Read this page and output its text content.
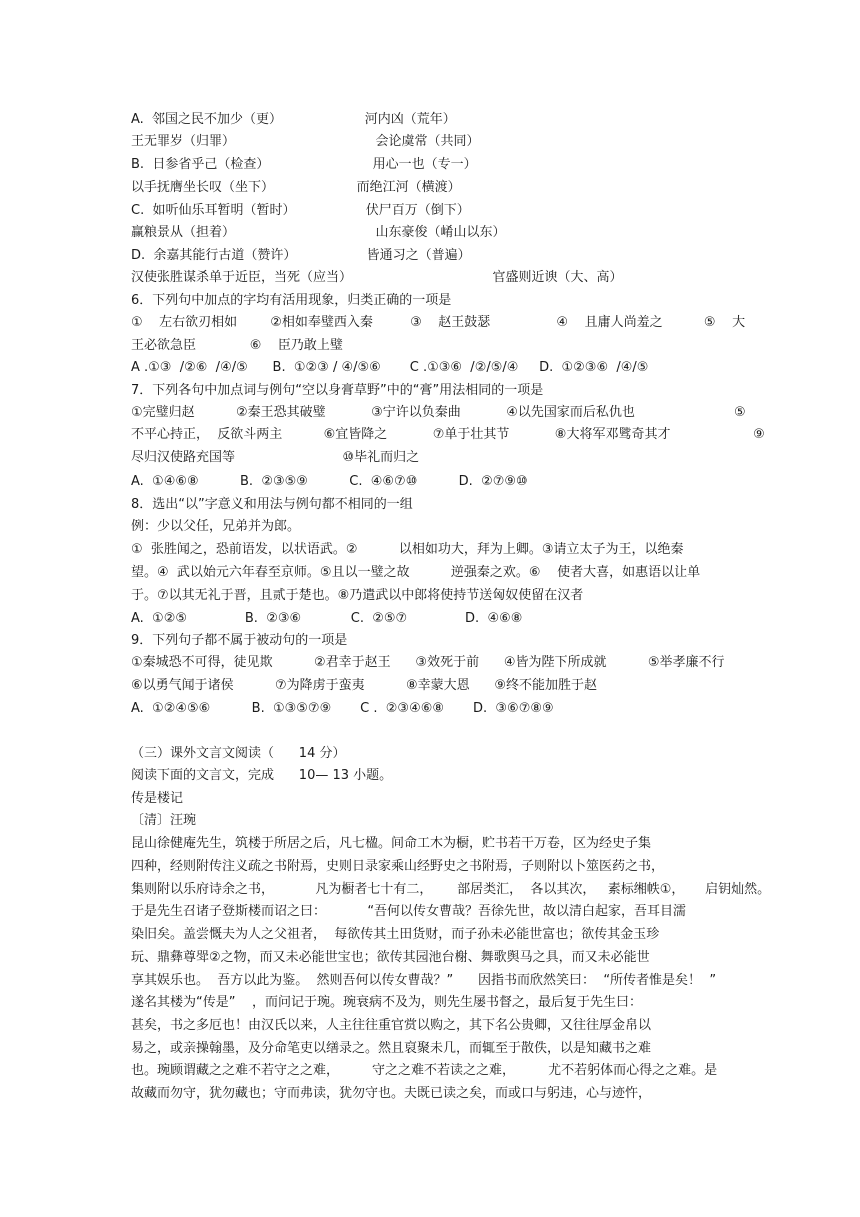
A.  邻国之民不加少（更）                    河内凶（荒年）
王无罪岁（归罪）                                  会论虞常（共同）
B.  日参省乎己（检查）                         用心一也（专一）
以手抚膺坐长叹（坐下）                    而绝江河（横渡）
C.  如听仙乐耳暂明（暂时）                 伏尸百万（倒下）
赢粮景从（担着）                                  山东豪俊（崤山以东）
D.  余嘉其能行古道（赞许）                 皆通习之（普遍）
汉使张胜谋杀单于近臣，当死（应当）                                  官盛则近谀（大、高）
6．下列句中加点的字均有活用现象，归类正确的一项是
①    左右欲刃相如        ②相如奉璧西入秦         ③    赵王鼓瑟                ④    且庸人尚羞之          ⑤    大
王必欲急臣             ⑥    臣乃敢上璧
A .①③  /②⑥  /④/⑤      B.  ①②③ / ④/⑤⑥       C .①③⑥  /②/⑤/④     D.  ①②③⑥  /④/⑤
7．下列各句中加点词与例句“空以身膏草野”中的“膏”用法相同的一项是
①完璧归赵          ②秦王恐其破璧           ③宁许以负秦曲           ④以先国家而后私仇也                        ⑤
不平心持正，  反欲斗两主          ⑥宜皆降之           ⑦单于壮其节           ⑧大将军邓骘奇其才                    ⑨
尽归汉使路充国等                          ⑩毕礼而归之
A.  ①④⑥⑧          B.  ②③⑤⑨          C.  ④⑥⑦⑩          D.  ②⑦⑨⑩
8．选出“以”字意义和用法与例句都不相同的一组
例：少以父任，兄弟并为郎。
①  张胜闻之，恐前语发，以状语武。②          以相如功大，拜为上卿。③请立太子为王，以绝秦
望。④  武以始元六年春至京师。⑤且以一璧之故          逆强秦之欢。⑥    使者大喜，如惠语以让单
于。⑦以其无礼于晋，且贰于楚也。⑧乃遣武以中郎将使持节送匈奴使留在汉者
A.  ①②⑤              B.  ②③⑥            C.  ②⑤⑦              D.  ④⑥⑧
9．下列句子都不属于被动句的一项是
①秦城恐不可得，徒见欺          ②君幸于赵王      ③效死于前      ④皆为陛下所成就          ⑤举孝廉不行
⑥以勇气闻于诸侯          ⑦为降虏于蛮夷          ⑧幸蒙大恩      ⑨终不能加胜于赵
A.  ①②④⑤⑥          B.  ①③⑤⑦⑨       C .  ②③④⑥⑧       D.  ③⑥⑦⑧⑨
（三）课外文言文阅读（      14 分）
阅读下面的文言文，完成      10— 13 小题。
传是楼记
〔清〕汪琬
昆山徐健庵先生，筑楼于所居之后，凡七楹。间命工木为橱，贮书若干万卷，区为经史子集
四种，经则附传注义疏之书附焉，史则日录家乘山经野史之书附焉，子则附以卜筮医药之书，
集则附以乐府诗余之书，          凡为橱者七十有二，      部居类汇，  各以其次，   素标缃帙①，     启钥灿然。
于是先生召诸子登斯楼而诏之曰：          “吾何以传女曹哉？吾徐先世，故以清白起家，吾耳目濡
染旧矣。盖尝慨夫为人之父祖者，  每欲传其土田货财，而子孙未必能世富也；欲传其金玉珍
玩、鼎彝尊斝②之物，而又未必能世宝也；欲传其园池台榭、舞歌舆马之具，而又未必能世
享其娱乐也。  吾方以此为鉴。  然则吾何以传女曹哉？”      因指书而欣然笑曰：  “所传者惟是矣！  ”
遂名其楼为“传是”    ，而问记于琬。琬衰病不及为，则先生屡书督之，最后复于先生曰：
甚矣，书之多厄也！由汉氏以来，人主往往重官赏以购之，其下名公贵卿，又往往厚金帛以
易之，或亲操翰墨，及分命笔吏以缮录之。然且裒聚未几，而辄至于散佚，以是知藏书之难
也。琬顾谓藏之之难不若守之之难，        守之之难不若读之之难，        尤不若躬体而心得之之难。是
故藏而勿守，犹勿藏也；守而弗读，犹勿守也。夫既已读之矣，而或口与躬违，心与迹忤，
